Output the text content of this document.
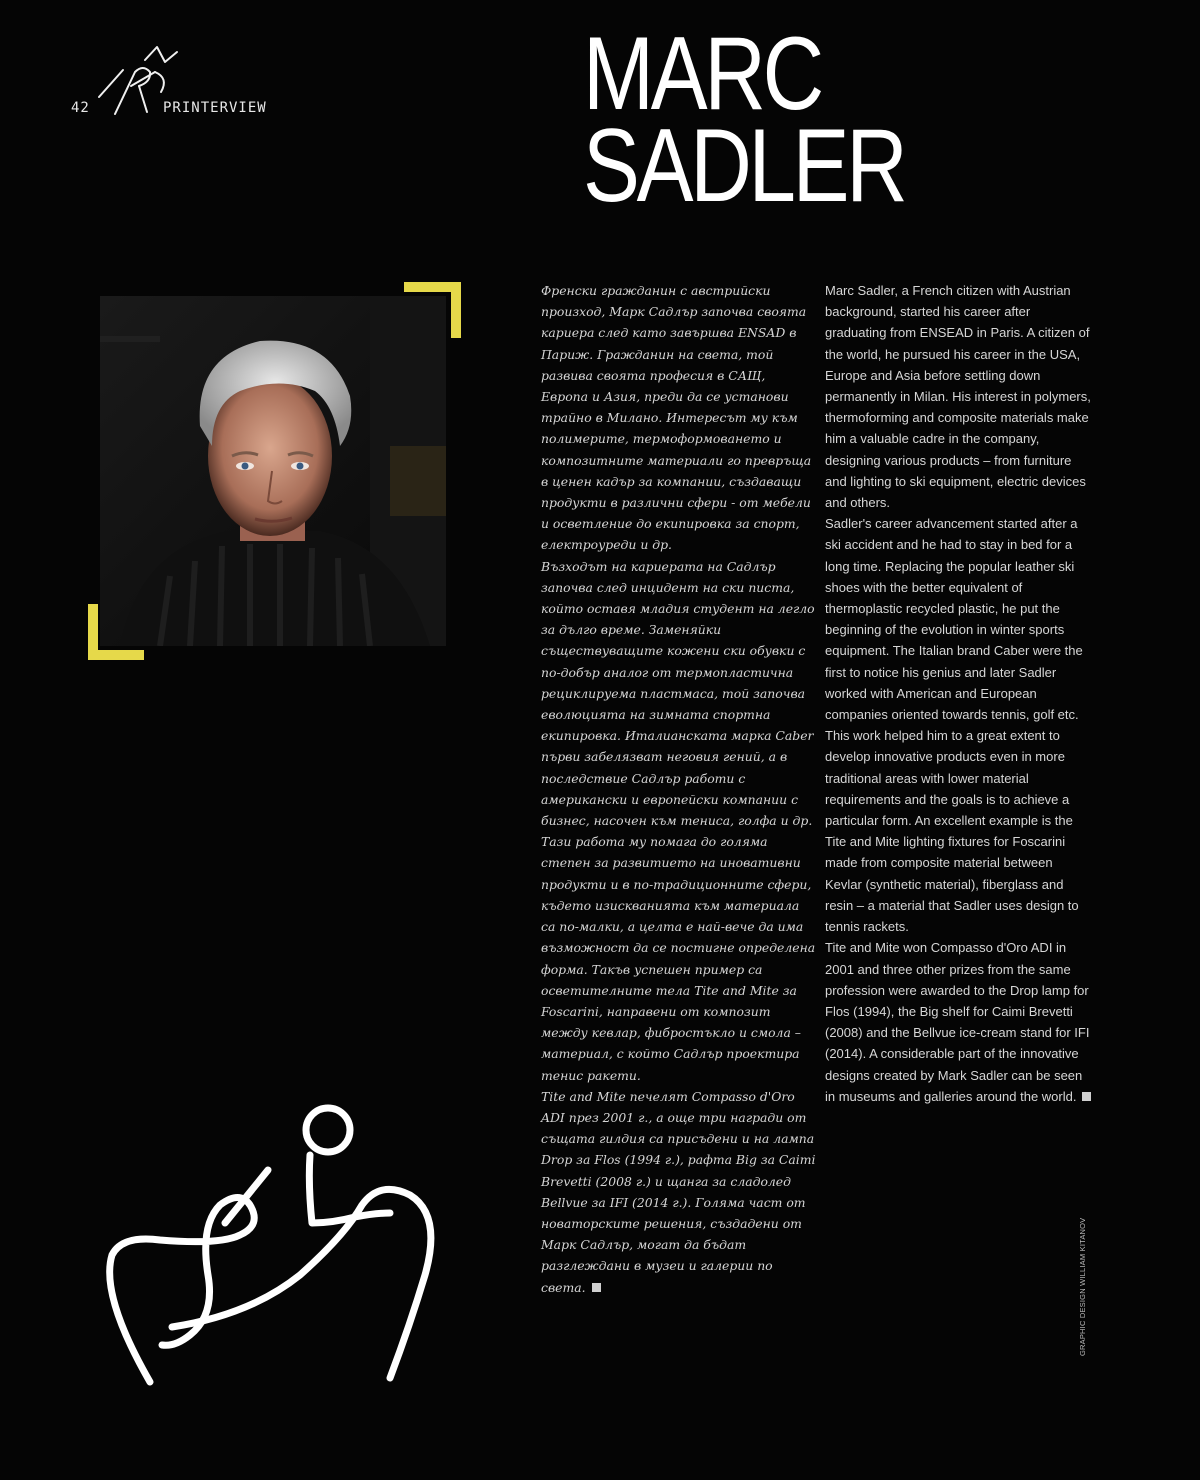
42	PRINTERVIEW	MARC
SADLER

Френски гражданин с австрийски произход, Марк Садлър започва своята кариера след като завършва ENSAD в Париж. Гражданин на света, той развива своята професия в САЩ, Европа и Азия, преди да се установи трайно в Милано. Интересът му към полимерите, термоформоването и композитните материали го превръща в ценен кадър за компании, създаващи продукти в различни сфери - от мебели и осветление до екипировка за спорт, електроуреди и др.

Възходът на кариерата на Садлър започва след инцидент на ски писта, който оставя младия студент на легло за дълго време. Заменяйки съществуващите кожени ски обувки с по-добър аналог от термопластична рециклируема пластмаса, той започва еволюцията на зимната спортна екипировка. Италианската марка Caber първи забелязват неговия гений, а в последствие Садлър работи с американски и европейски компании с бизнес, насочен към тениса, голфа и др. Тази работа му помага до голяма степен за развитието на иновативни продукти и в по-традиционните сфери, където изискванията към материала са по-малки, а целта е най-вече да има възможност да се постигне определена форма. Такъв успешен пример са осветителните тела Tite and Mite за Foscarini, направени от композит между кевлар, фибростъкло и смола – материал, с който Садлър проектира тенис ракети.

Tite and Mite печелят Compasso d'Oro ADI през 2001 г., а още три награди от същата гилдия са присъдени и на лампа Drop за Flos (1994 г.), рафта Big за Caimi Brevetti (2008 г.) и щанга за сладолед Bellvue за IFI (2014 г.). Голяма част от новаторските решения, създадени от Марк Садлър, могат да бъдат разглеждани в музеи и галерии по света.

Marc Sadler, a French citizen with Austrian background, started his career after graduating from ENSEAD in Paris. A citizen of the world, he pursued his career in the USA, Europe and Asia before settling down permanently in Milan. His interest in polymers, thermoforming and composite materials make him a valuable cadre in the company, designing various products – from furniture and lighting to ski equipment, electric devices and others.

Sadler's career advancement started after a ski accident and he had to stay in bed for a long time. Replacing the popular leather ski shoes with the better equivalent of thermoplastic recycled plastic, he put the beginning of the evolution in winter sports equipment. The Italian brand Caber were the first to notice his genius and later Sadler worked with American and European companies oriented towards tennis, golf etc. This work helped him to a great extent to develop innovative products even in more traditional areas with lower material requirements and the goals is to achieve a particular form. An excellent example is the Tite and Mite lighting fixtures for Foscarini made from composite material between Kevlar (synthetic material), fiberglass and resin – a material that Sadler uses design to tennis rackets.

Tite and Mite won Compasso d'Oro ADI in 2001 and three other prizes from the same profession were awarded to the Drop lamp for Flos (1994), the Big shelf for Caimi Brevetti (2008) and the Bellvue ice-cream stand for IFI (2014). A considerable part of the innovative designs created by Mark Sadler can be seen in museums and galleries around the world.

GRAPHIC DESIGN WILLIAM KITANOV
